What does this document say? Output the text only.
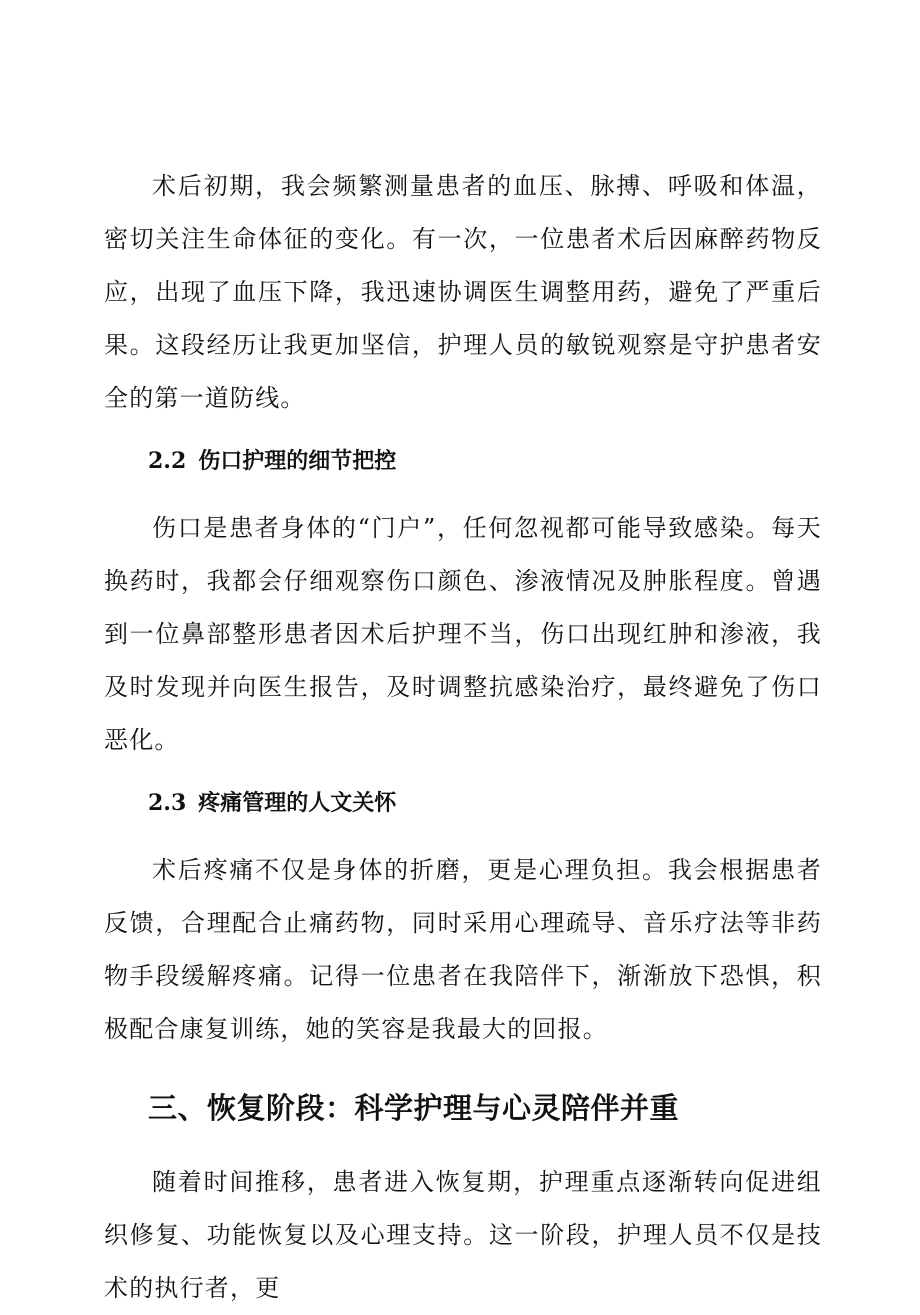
术后初期，我会频繁测量患者的血压、脉搏、呼吸和体温，密切关注生命体征的变化。有一次，一位患者术后因麻醉药物反应，出现了血压下降，我迅速协调医生调整用药，避免了严重后果。这段经历让我更加坚信，护理人员的敏锐观察是守护患者安全的第一道防线。

2.2 伤口护理的细节把控

伤口是患者身体的“门户”，任何忽视都可能导致感染。每天换药时，我都会仔细观察伤口颜色、渗液情况及肿胀程度。曾遇到一位鼻部整形患者因术后护理不当，伤口出现红肿和渗液，我及时发现并向医生报告，及时调整抗感染治疗，最终避免了伤口恶化。

2.3 疼痛管理的人文关怀

术后疼痛不仅是身体的折磨，更是心理负担。我会根据患者反馈，合理配合止痛药物，同时采用心理疏导、音乐疗法等非药物手段缓解疼痛。记得一位患者在我陪伴下，渐渐放下恐惧，积极配合康复训练，她的笑容是我最大的回报。

三、恢复阶段：科学护理与心灵陪伴并重

随着时间推移，患者进入恢复期，护理重点逐渐转向促进组织修复、功能恢复以及心理支持。这一阶段，护理人员不仅是技术的执行者，更
